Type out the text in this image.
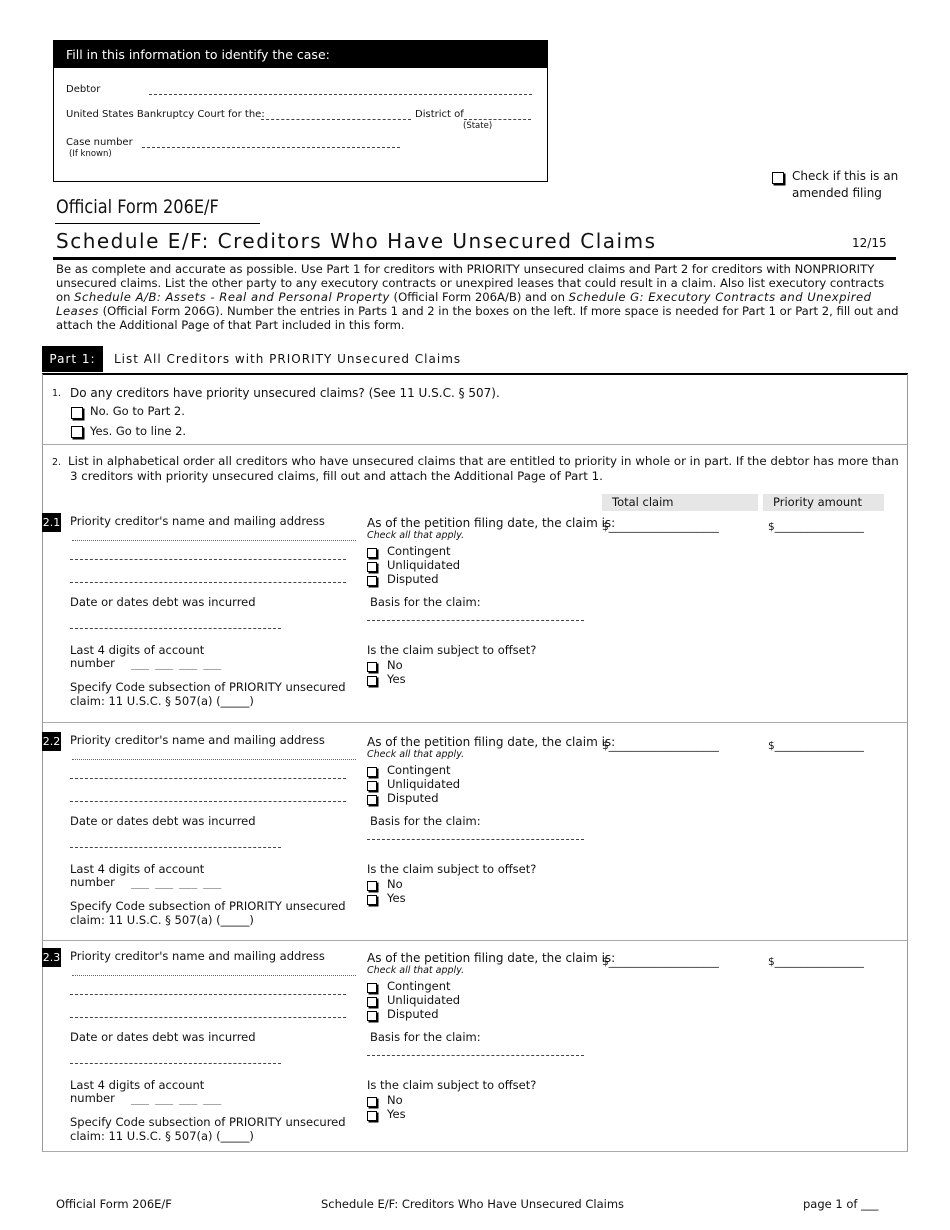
Fill in this information to identify the case:
Debtor
United States Bankruptcy Court for the:	District of
(State)
Case number
(If known)
Check if this is an
amended filing
Official Form 206E/F
Schedule E/F: Creditors Who Have Unsecured Claims	12/15
Be as complete and accurate as possible. Use Part 1 for creditors with PRIORITY unsecured claims and Part 2 for creditors with NONPRIORITY unsecured claims. List the other party to any executory contracts or unexpired leases that could result in a claim. Also list executory contracts on Schedule A/B: Assets - Real and Personal Property (Official Form 206A/B) and on Schedule G: Executory Contracts and Unexpired Leases (Official Form 206G). Number the entries in Parts 1 and 2 in the boxes on the left. If more space is needed for Part 1 or Part 2, fill out and attach the Additional Page of that Part included in this form.
Part 1:	List All Creditors with PRIORITY Unsecured Claims
1. Do any creditors have priority unsecured claims? (See 11 U.S.C. § 507).
No. Go to Part 2.
Yes. Go to line 2.
2. List in alphabetical order all creditors who have unsecured claims that are entitled to priority in whole or in part. If the debtor has more than
3 creditors with priority unsecured claims, fill out and attach the Additional Page of Part 1.
Total claim	Priority amount
2.1 Priority creditor's name and mailing address
Date or dates debt was incurred
Last 4 digits of account
number ___ ___ ___ ___
Specify Code subsection of PRIORITY unsecured
claim: 11 U.S.C. § 507(a) (_____)
As of the petition filing date, the claim is:
Check all that apply.
Contingent
Unliquidated
Disputed
Basis for the claim:
Is the claim subject to offset?
No
Yes
$_____________________	$_________________
2.2 Priority creditor's name and mailing address
Date or dates debt was incurred
Last 4 digits of account
number ___ ___ ___ ___
Specify Code subsection of PRIORITY unsecured
claim: 11 U.S.C. § 507(a) (_____)
As of the petition filing date, the claim is:
Check all that apply.
Contingent
Unliquidated
Disputed
Basis for the claim:
Is the claim subject to offset?
No
Yes
$_____________________	$_________________
2.3 Priority creditor's name and mailing address
Date or dates debt was incurred
Last 4 digits of account
number ___ ___ ___ ___
Specify Code subsection of PRIORITY unsecured
claim: 11 U.S.C. § 507(a) (_____)
As of the petition filing date, the claim is:
Check all that apply.
Contingent
Unliquidated
Disputed
Basis for the claim:
Is the claim subject to offset?
No
Yes
$_____________________	$_________________
Official Form 206E/F	Schedule E/F: Creditors Who Have Unsecured Claims	page 1 of ___
